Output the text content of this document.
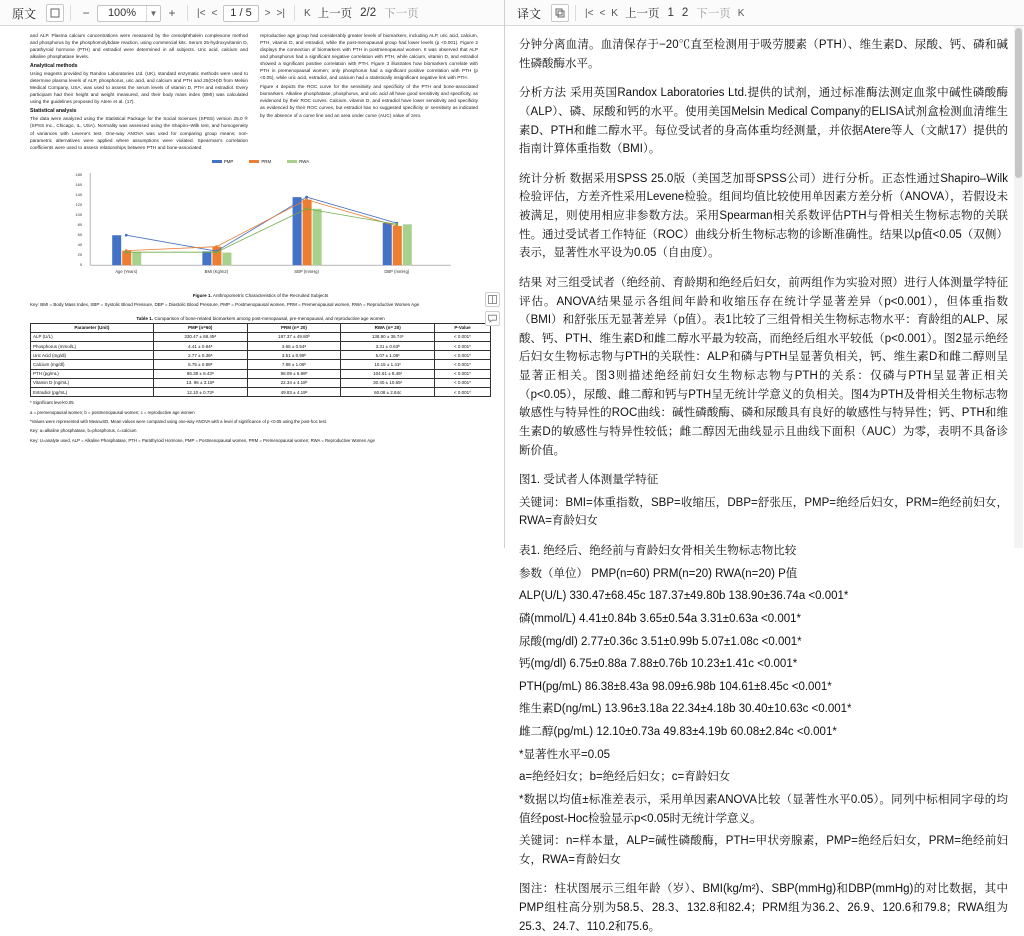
原文	−	100%	▼ +	|< <	1 / 5	> >|	K 上一页 2/2 下一页	译文	|< < K 上一页 1 2 下一页 K

and ALP. Plasma calcium concentrations were measured by the cresolphthalein complexone method and phosphorus by the phosphomolybdate reaction, using commercial kits. Serum 25-hydroxyvitamin D, parathyroid hormone (PTH) and estradiol were determined in all subjects. Uric acid, calcium and alkaline phosphatase levels.

Analytical methods

Using reagents provided by Randox Laboratories Ltd. (UK), standard enzymatic methods were used to determine plasma levels of ALP, phosphorus, uric acid, and calcium and PTH and 25(OH)D from Melsin Medical Company, USA, was used to assess the serum levels of vitamin D, PTH and estradiol. Every participant had their height and weight measured, and their body mass index (BMI) was calculated using the guidelines proposed by Atere et al. (17).

Statistical analysis

The data were analyzed using the Statistical Package for the Social Sciences (SPSS) version 25.0 ® (SPSS Inc., Chicago, IL, USA). Normality was assessed using the Shapiro–Wilk test, and homogeneity of variances with Levene's test. One-way ANOVA was used for comparing group means; non-parametric alternatives were applied where assumptions were violated. Spearman's correlation coefficients were used to assess relationships between PTH and bone-associated

reproductive age group had considerably greater levels of biomarkers, including ALP, uric acid, calcium, PTH, vitamin D, and estradiol, while the post-menopausal group had lower levels (p <0.001). Figure 2 displays the connection of biomarkers with PTH in postmenopausal women. It was observed that ALP and phosphorus had a significant negative correlation with PTH, while calcium, vitamin D, and estradiol showed a significant positive correlation with PTH. Figure 3 illustrates how biomarkers correlate with PTH in premenopausal women; only phosphorus had a significant positive correlation with PTH (p <0.05), while uric acid, estradiol, and calcium had a statistically insignificant negative link with PTH.

Figure 4 depicts the ROC curve for the sensitivity and specificity of the PTH and bone-associated biomarkers. Alkaline phosphatase, phosphorus, and uric acid all have good sensitivity and specificity, as evidenced by their ROC curves. Calcium, vitamin D, and estradiol have lower sensitivity and specificity as evidenced by their ROC curves, but estradiol has no suggested specificity or sensitivity as indicated by the absence of a curve line and an area under curve (AUC) value of zero.

PMP	PRM	RWA
0
20
40
60
80
100
120
140
160
180
Age (Years)	BMI (Kg/m2)	SBP (mmHg)	DBP (mmHg)
Figure 1. Anthropometric Characteristics of the Recruited Subjects
Key: BMI = Body Mass Index, SBP = Systolic Blood Pressure, DBP = Diastolic Blood Pressure, PMP = Postmenopausal women, PRM = Premenopausal women, RWA = Reproductive Women Age
Table 1. Comparison of bone-related biomarkers among post-menopausal, pre-menopausal, and reproductive age women
Parameter (Unit)	PMP (n=60)	PRM (n= 20)	RWA (n= 20)	P-Value
ALP (U/L)	330.47 ± 68.45ᵃ	187.37 ± 49.80ᵇ	138.90 ± 36.74ᶜ	< 0.001*
Phosphorus (mmol/L)	4.41 ± 0.84ᵃ	3.65 ± 0.54ᵃ	3.31 ± 0.63ᵇ	< 0.001*
Uric Acid (mg/dl)	2.77 ± 0.36ᵃ	3.51 ± 0.99ᵇ	5.07 ± 1.08ᶜ	< 0.001*
Calcium (mg/dl)	6.75 ± 0.88ᵃ	7.88 ± 1.06ᵇ	10.15 ± 1.41ᶜ	< 0.001*
PTH (pg/mL)	86.38 ± 8.43ᵃ	98.09 ± 6.98ᵇ	104.61 ± 8.45ᶜ	< 0.001*
Vitamin D (ng/mL)	13. 96 ± 3.18ᵃ	22.34 ± 4.18ᵇ	30.40 ± 10.65ᶜ	< 0.001*
Estradiol (pg/mL)	12.10 ± 0.73ᵃ	49.83 ± 4.19ᵇ	60.08 ± 2.84c	< 0.001*
* Significant level<0.05
a = premenopausal women; b = postmenopausal women; c = reproductive age women
*Values were represented with Mean±SD. Mean values were compared using one-way ANOVA with a level of significance of p <0.05 using the post-hoc test.
Key: a=alkaline phosphatase, b=phosphorus, c=calcium
Key: U=analyte used, ALP = Alkaline Phosphatase, PTH = Parathyroid Hormone, PMP = Postmenopausal women, PRM = Premenopausal women; RWA = Reproductive Women Age

分钟分离血清。血清保存于−20℃直至检测用于吸劳腰素（PTH）、维生素D、尿酸、钙、磷和碱性磷酸酶水平。

分析方法 采用英国Randox Laboratories Ltd.提供的试剂，通过标准酶法测定血浆中碱性磷酸酶（ALP）、磷、尿酸和钙的水平。使用美国Melsin Medical Company的ELISA试剂盒检测血清维生素D、PTH和雌二醇水平。每位受试者的身高体重均经测量，并依据Atere等人（文献17）提供的指南计算体重指数（BMI）。

统计分析 数据采用SPSS 25.0版（美国芝加哥SPSS公司）进行分析。正态性通过Shapiro–Wilk检验评估，方差齐性采用Levene检验。组间均值比较使用单因素方差分析（ANOVA），若假设未被满足，则使用相应非参数方法。采用Spearman相关系数评估PTH与骨相关生物标志物的关联性。通过受试者工作特征（ROC）曲线分析生物标志物的诊断准确性。结果以p值<0.05（双侧）表示，显著性水平设为0.05（自由度）。

结果 对三组受试者（绝经前、育龄期和绝经后妇女，前两组作为实验对照）进行人体测量学特征评估。ANOVA结果显示各组间年龄和收缩压存在统计学显著差异（p<0.001），但体重指数（BMI）和舒张压无显著差异（p值）。表1比较了三组骨相关生物标志物水平：育龄组的ALP、尿酸、钙、PTH、维生素D和雌二醇水平最为较高，而绝经后组水平较低（p<0.001）。图2显示绝经后妇女生物标志物与PTH的关联性：ALP和磷与PTH呈显著负相关，钙、维生素D和雌二醇则呈显著正相关。图3则描述绝经前妇女生物标志物与PTH的关系：仅磷与PTH呈显著正相关（p<0.05），尿酸、雌二醇和钙与PTH呈无统计学意义的负相关。图4为PTH及骨相关生物标志物敏感性与特异性的ROC曲线：碱性磷酸酶、磷和尿酸具有良好的敏感性与特异性；钙、PTH和维生素D的敏感性与特异性较低；雌二醇因无曲线显示且曲线下面积（AUC）为零，表明不具备诊断价值。

图1. 受试者人体测量学特征

关键词：BMI=体重指数，SBP=收缩压，DBP=舒张压，PMP=绝经后妇女，PRM=绝经前妇女，RWA=育龄妇女

表1. 绝经后、绝经前与育龄妇女骨相关生物标志物比较

参数（单位） PMP(n=60) PRM(n=20) RWA(n=20) P值

ALP(U/L) 330.47±68.45c 187.37±49.80b 138.90±36.74a <0.001*

磷(mmol/L) 4.41±0.84b 3.65±0.54a 3.31±0.63a <0.001*

尿酸(mg/dl) 2.77±0.36c 3.51±0.99b 5.07±1.08c <0.001*

钙(mg/dl) 6.75±0.88a 7.88±0.76b 10.23±1.41c <0.001*

PTH(pg/mL) 86.38±8.43a 98.09±6.98b 104.61±8.45c <0.001*

维生素D(ng/mL) 13.96±3.18a 22.34±4.18b 30.40±10.63c <0.001*

雌二醇(pg/mL) 12.10±0.73a 49.83±4.19b 60.08±2.84c <0.001*

*显著性水平=0.05

a=绝经妇女；b=绝经后妇女；c=育龄妇女

*数据以均值±标准差表示，采用单因素ANOVA比较（显著性水平0.05）。同列中标相同字母的均值经post-Hoc检验显示p<0.05时无统计学意义。

关键词：n=样本量，ALP=碱性磷酸酶，PTH=甲状旁腺素，PMP=绝经后妇女，PRM=绝经前妇女，RWA=育龄妇女

图注：柱状图展示三组年龄（岁）、BMI(kg/m²)、SBP(mmHg)和DBP(mmHg)的对比数据，其中PMP组柱高分别为58.5、28.3、132.8和82.4；PRM组为36.2、26.9、120.6和79.8；RWA组为25.3、24.7、110.2和75.6。
